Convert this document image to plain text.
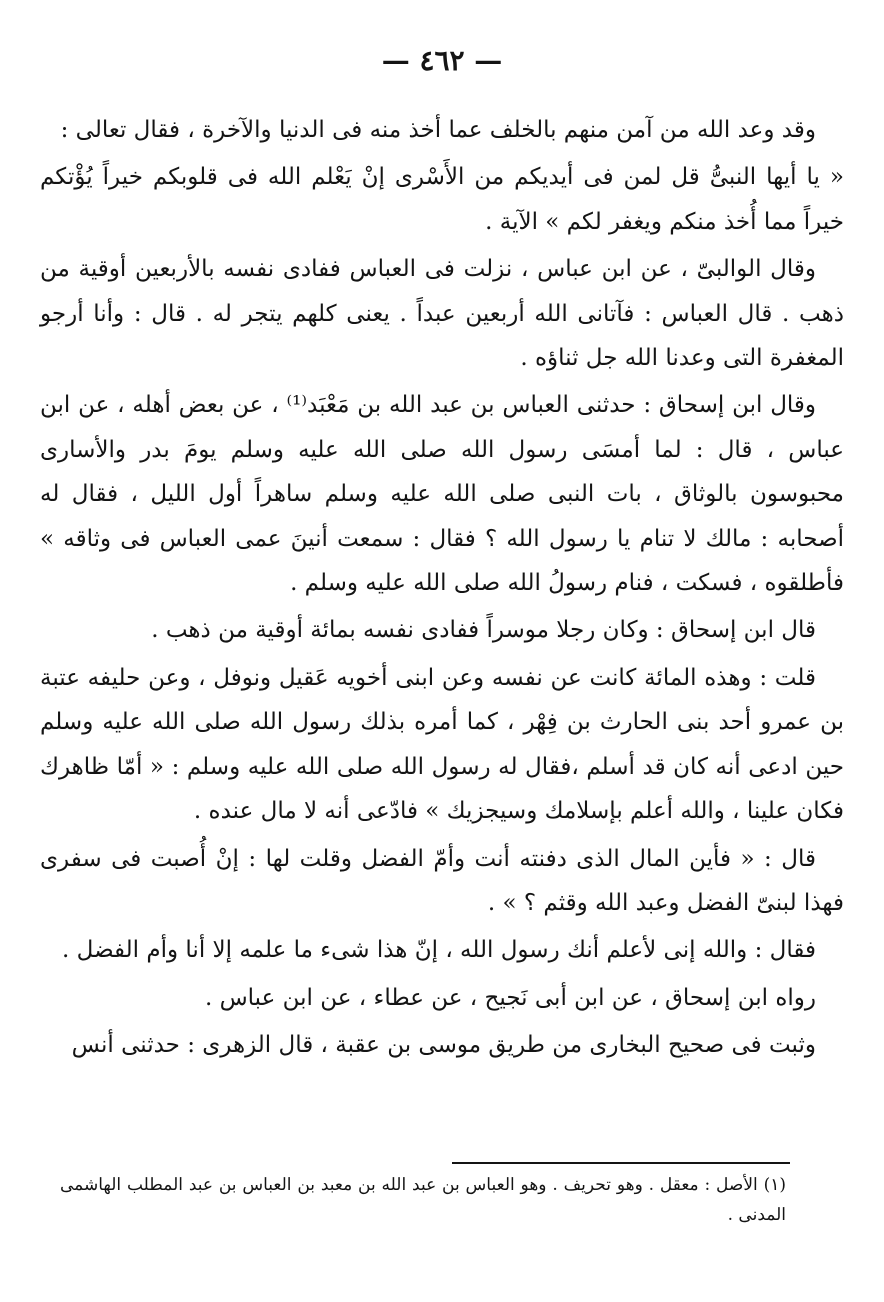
— ٤٦٢ —

وقد وعد الله من آمن منهم بالخلف عما أخذ منه فى الدنيا والآخرة ، فقال تعالى :

« يا أيها النبىُّ قل لمن فى أيديكم من الأَسْرى إنْ يَعْلم الله فى قلوبكم خيراً يُؤْتكم خيراً مما أُخذ منكم ويغفر لكم » الآية .

وقال الوالبىّ ، عن ابن عباس ، نزلت فى العباس ففادى نفسه بالأربعين أوقية من ذهب . قال العباس : فآتانى الله أربعين عبداً . يعنى كلهم يتجر له . قال : وأنا أرجو المغفرة التى وعدنا الله جل ثناؤه .

وقال ابن إسحاق : حدثنى العباس بن عبد الله بن مَعْبَد⁽¹⁾ ، عن بعض أهله ، عن ابن عباس ، قال : لما أمسَى رسول الله صلى الله عليه وسلم يومَ بدر والأسارى محبوسون بالوثاق ، بات النبى صلى الله عليه وسلم ساهراً أول الليل ، فقال له أصحابه : مالك لا تنام يا رسول الله ؟ فقال : سمعت أنينَ عمى العباس فى وثاقه » فأطلقوه ، فسكت ، فنام رسولُ الله صلى الله عليه وسلم .

قال ابن إسحاق : وكان رجلا موسراً ففادى نفسه بمائة أوقية من ذهب .

قلت : وهذه المائة كانت عن نفسه وعن ابنى أخويه عَقيل ونوفل ، وعن حليفه عتبة بن عمرو أحد بنى الحارث بن فِهْر ، كما أمره بذلك رسول الله صلى الله عليه وسلم حين ادعى أنه كان قد أسلم ،فقال له رسول الله صلى الله عليه وسلم : « أمّا ظاهرك فكان علينا ، والله أعلم بإسلامك وسيجزيك » فادّعى أنه لا مال عنده .

قال : « فأين المال الذى دفنته أنت وأمّ الفضل وقلت لها : إنْ أُصبت فى سفرى فهذا لبنىّ الفضل وعبد الله وقثم ؟ » .

فقال : والله إنى لأعلم أنك رسول الله ، إنّ هذا شىء ما علمه إلا أنا وأم الفضل .

رواه ابن إسحاق ، عن ابن أبى نَجيح ، عن عطاء ، عن ابن عباس .

وثبت فى صحيح البخارى من طريق موسى بن عقبة ، قال الزهرى : حدثنى أنس

(١) الأصل : معقل . وهو تحريف . وهو العباس بن عبد الله بن معبد بن العباس بن عبد المطلب الهاشمى المدنى .
